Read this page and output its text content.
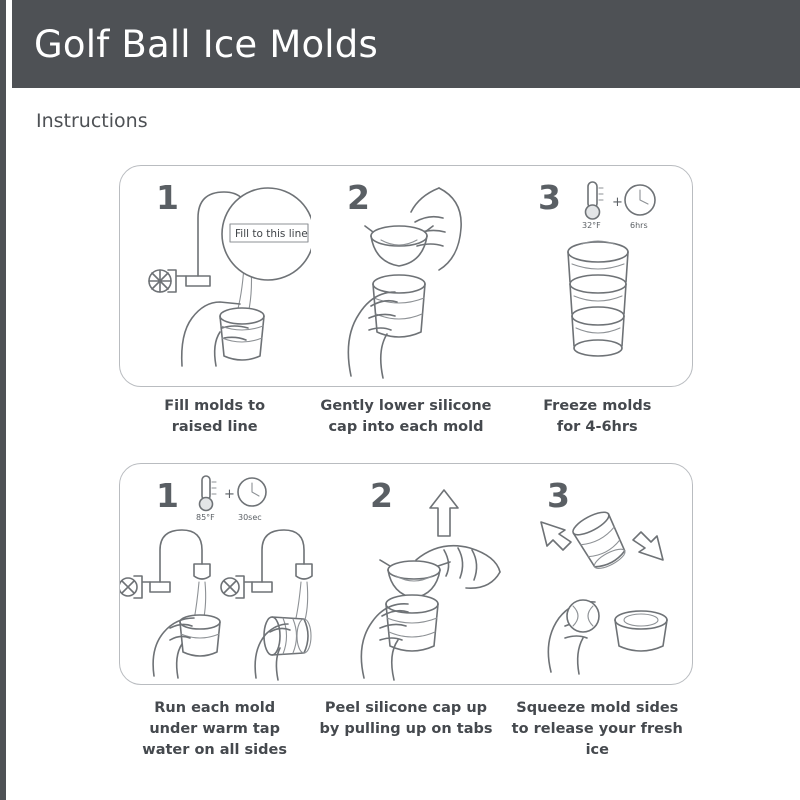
Golf Ball Ice Molds
Instructions
1
Fill to this line
2	3
32°F
+
6hrs
Fill molds to
raised line
Gently lower silicone
cap into each mold
Freeze molds
for 4-6hrs
1
85°F
+
30sec
2	3
Run each mold
under warm tap
water on all sides
Peel silicone cap up
by pulling up on tabs
Squeeze mold sides
to release your fresh
ice
